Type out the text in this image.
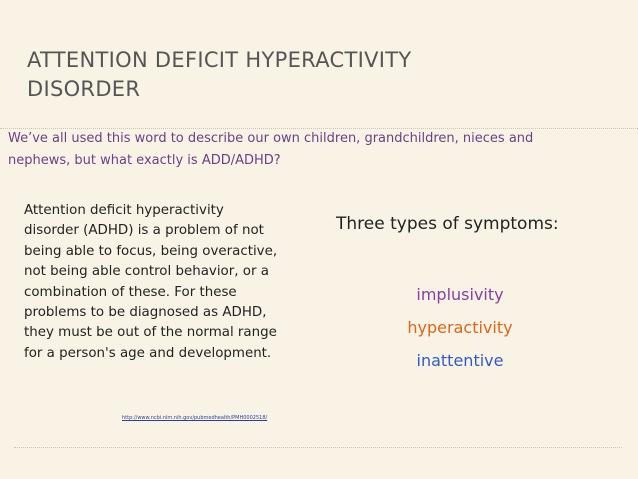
ATTENTION DEFICIT HYPERACTIVITY
DISORDER

We’ve all used this word to describe our own children, grandchildren, nieces and
nephews, but what exactly is ADD/ADHD?

Attention deficit hyperactivity
disorder (ADHD) is a problem of not
being able to focus, being overactive,
not being able control behavior, or a
combination of these. For these
problems to be diagnosed as ADHD,
they must be out of the normal range
for a person's age and development.

http://www.ncbi.nlm.nih.gov/pubmedhealth/PMH0002518/
Three types of symptoms:
implusivity
hyperactivity
inattentive
